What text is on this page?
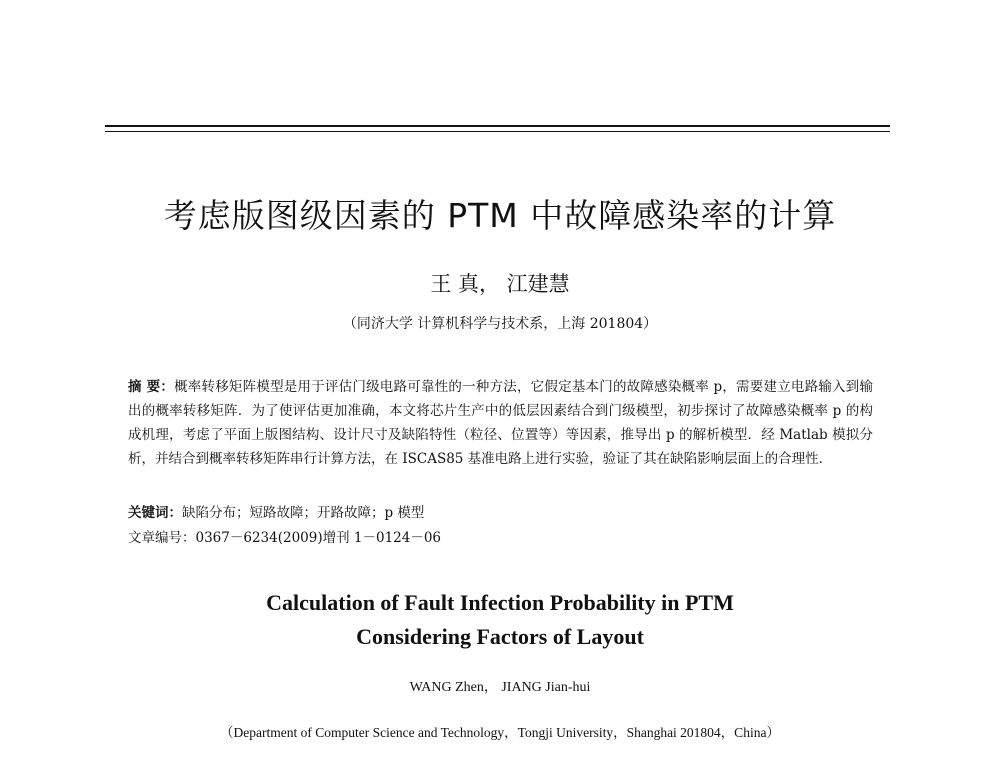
考虑版图级因素的 PTM 中故障感染率的计算
王 真， 江建慧
（同济大学 计算机科学与技术系，上海 201804）
摘 要：概率转移矩阵模型是用于评估门级电路可靠性的一种方法，它假定基本门的故障感染概率 p，需要建立电路输入到输出的概率转移矩阵．为了使评估更加准确，本文将芯片生产中的低层因素结合到门级模型，初步探讨了故障感染概率 p 的构成机理，考虑了平面上版图结构、设计尺寸及缺陷特性（粒径、位置等）等因素，推导出 p 的解析模型．经 Matlab 模拟分析，并结合到概率转移矩阵串行计算方法，在 ISCAS85 基准电路上进行实验，验证了其在缺陷影响层面上的合理性．
关键词：缺陷分布；短路故障；开路故障；p 模型
文章编号：0367－6234(2009)增刊 1－0124－06
Calculation of Fault Infection Probability in PTM
Considering Factors of Layout
WANG Zhen， JIANG Jian-hui
（Department of Computer Science and Technology，Tongji University，Shanghai 201804，China）
